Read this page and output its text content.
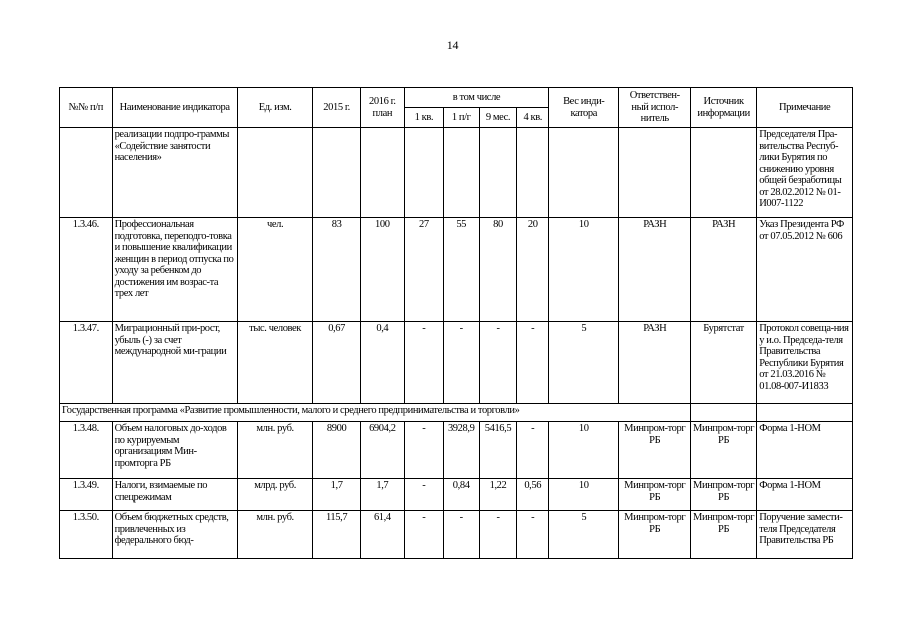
14
№№ п/п	Наименование индикатора	Ед. изм.	2015 г.	2016 г. план	в том числе				Вес инди-катора	Ответствен-ный испол-нитель	Источник информации	Примечание
					1 кв.	1 п/г	9 мес.	4 кв.				
	реализации подпро-граммы «Содействие занятости населения»											Председателя Пра-вительства Респуб-лики Бурятия по снижению уровня общей безработицы от 28.02.2012 № 01-И007-1122
1.3.46.	Профессиональная подготовка, переподго-товка и повышение квалификации женщин в период отпуска по уходу за ребенком до достижения им возрас-та трех лет	чел.	83	100	27	55	80	20	10	РАЗН	РАЗН	Указ Президента РФ от 07.05.2012 № 606
1.3.47.	Миграционный при-рост, убыль (-) за счет международной ми-грации	тыс. человек	0,67	0,4	-	-	-	-	5	РАЗН	Бурятстат	Протокол совеща-ния у и.о. Председа-теля Правительства Республики Бурятия от 21.03.2016 № 01.08-007-И1833
Государственная программа «Развитие промышленности, малого и среднего предпринимательства и торговли»												
1.3.48.	Объем налоговых до-ходов по курируемым организациям Мин-промторга РБ	млн. руб.	8900	6904,2	-	3928,9	5416,5	-	10	Минпром-торг РБ	Минпром-торг РБ	Форма 1-НОМ
1.3.49.	Налоги, взимаемые по спецрежимам	млрд. руб.	1,7	1,7	-	0,84	1,22	0,56	10	Минпром-торг РБ	Минпром-торг РБ	Форма 1-НОМ
1.3.50.	Объем бюджетных средств, привлеченных из федерального бюд-	млн. руб.	115,7	61,4	-	-	-	-	5	Минпром-торг РБ	Минпром-торг РБ	Поручение замести-теля Председателя Правительства РБ
